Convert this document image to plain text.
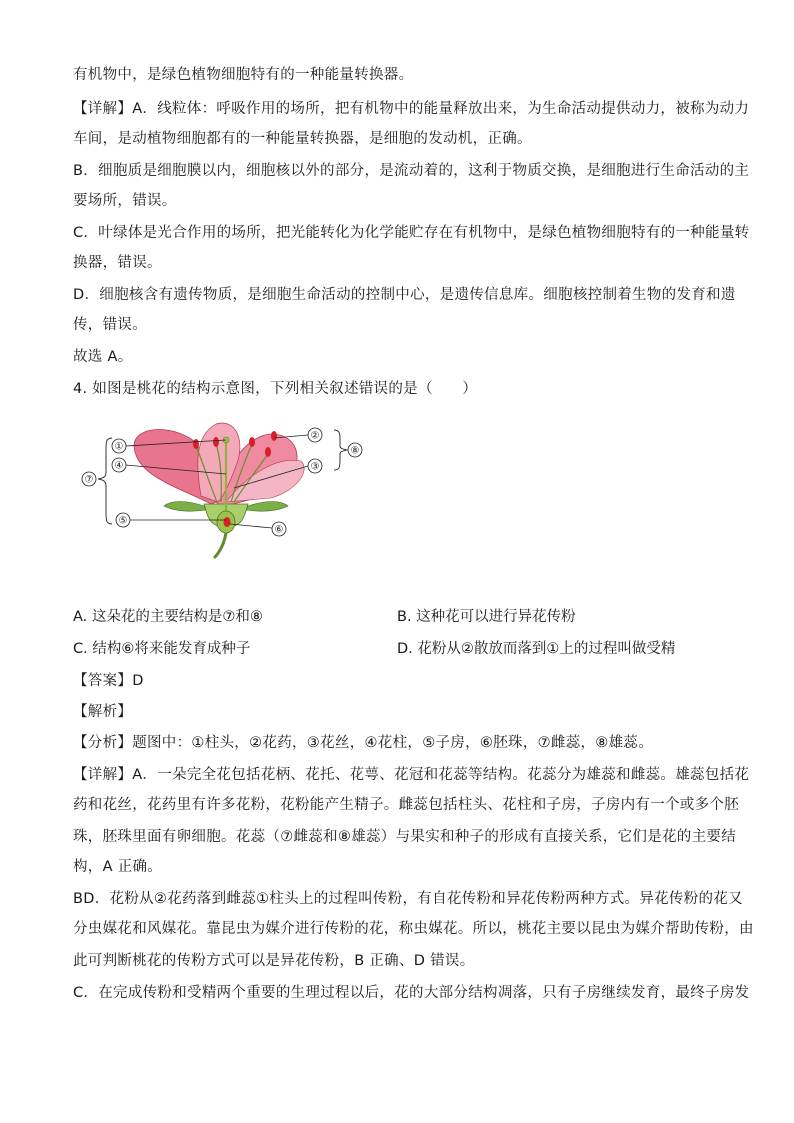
有机物中，是绿色植物细胞特有的一种能量转换器。
【详解】A．线粒体：呼吸作用的场所，把有机物中的能量释放出来，为生命活动提供动力，被称为动力
车间，是动植物细胞都有的一种能量转换器，是细胞的发动机，正确。
B．细胞质是细胞膜以内，细胞核以外的部分，是流动着的，这利于物质交换，是细胞进行生命活动的主
要场所，错误。
C．叶绿体是光合作用的场所，把光能转化为化学能贮存在有机物中，是绿色植物细胞特有的一种能量转
换器，错误。
D．细胞核含有遗传物质，是细胞生命活动的控制中心，是遗传信息库。细胞核控制着生物的发育和遗
传，错误。
故选 A。
4. 如图是桃花的结构示意图，下列相关叙述错误的是（　　）
①
②
③
④
⑤
⑥
⑦
⑧
A. 这朵花的主要结构是⑦和⑧	B. 这种花可以进行异花传粉
C. 结构⑥将来能发育成种子	D. 花粉从②散放而落到①上的过程叫做受精
【答案】D
【解析】
【分析】题图中：①柱头，②花药，③花丝，④花柱，⑤子房，⑥胚珠，⑦雌蕊，⑧雄蕊。
【详解】A．一朵完全花包括花柄、花托、花萼、花冠和花蕊等结构。花蕊分为雄蕊和雌蕊。雄蕊包括花
药和花丝，花药里有许多花粉，花粉能产生精子。雌蕊包括柱头、花柱和子房，子房内有一个或多个胚
珠，胚珠里面有卵细胞。花蕊（⑦雌蕊和⑧雄蕊）与果实和种子的形成有直接关系，它们是花的主要结
构，A 正确。
BD．花粉从②花药落到雌蕊①柱头上的过程叫传粉，有自花传粉和异花传粉两种方式。异花传粉的花又
分虫媒花和风媒花。靠昆虫为媒介进行传粉的花，称虫媒花。所以，桃花主要以昆虫为媒介帮助传粉，由
此可判断桃花的传粉方式可以是异花传粉，B 正确、D 错误。
C．在完成传粉和受精两个重要的生理过程以后，花的大部分结构凋落，只有子房继续发育，最终子房发
